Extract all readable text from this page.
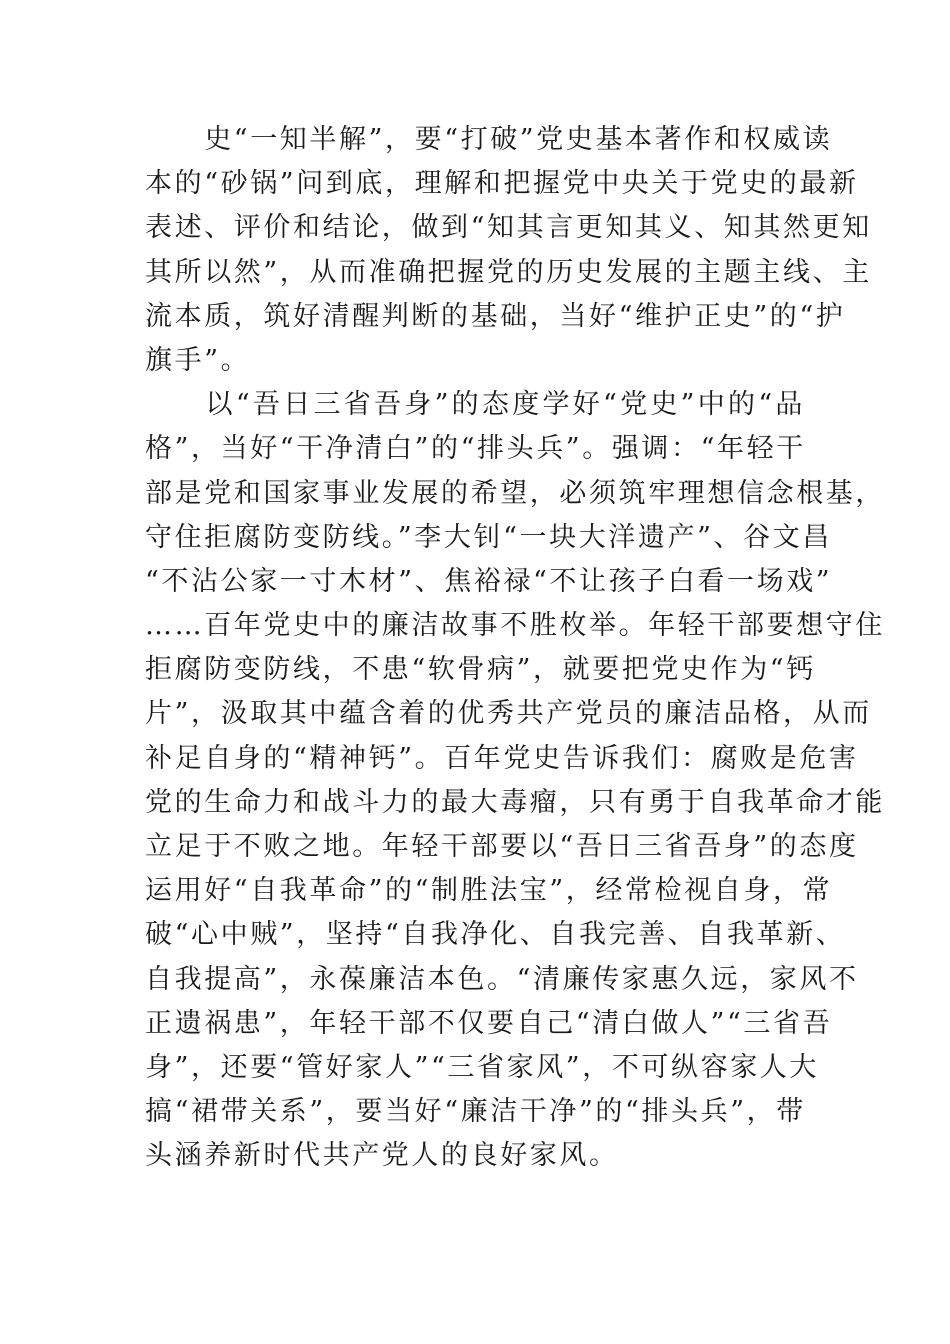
　　史“一知半解”，要“打破”党史基本著作和权威读
本的“砂锅”问到底，理解和把握党中央关于党史的最新
表述、评价和结论，做到“知其言更知其义、知其然更知
其所以然”，从而准确把握党的历史发展的主题主线、主
流本质，筑好清醒判断的基础，当好“维护正史”的“护
旗手”。
　　以“吾日三省吾身”的态度学好“党史”中的“品
格”，当好“干净清白”的“排头兵”。强调：“年轻干
部是党和国家事业发展的希望，必须筑牢理想信念根基，
守住拒腐防变防线。”李大钊“一块大洋遗产”、谷文昌
“不沾公家一寸木材”、焦裕禄“不让孩子白看一场戏”
……百年党史中的廉洁故事不胜枚举。年轻干部要想守住
拒腐防变防线，不患“软骨病”，就要把党史作为“钙
片”，汲取其中蕴含着的优秀共产党员的廉洁品格，从而
补足自身的“精神钙”。百年党史告诉我们：腐败是危害
党的生命力和战斗力的最大毒瘤，只有勇于自我革命才能
立足于不败之地。年轻干部要以“吾日三省吾身”的态度
运用好“自我革命”的“制胜法宝”，经常检视自身，常
破“心中贼”，坚持“自我净化、自我完善、自我革新、
自我提高”，永葆廉洁本色。“清廉传家惠久远，家风不
正遗祸患”，年轻干部不仅要自己“清白做人”“三省吾
身”，还要“管好家人”“三省家风”，不可纵容家人大
搞“裙带关系”，要当好“廉洁干净”的“排头兵”，带
头涵养新时代共产党人的良好家风。
